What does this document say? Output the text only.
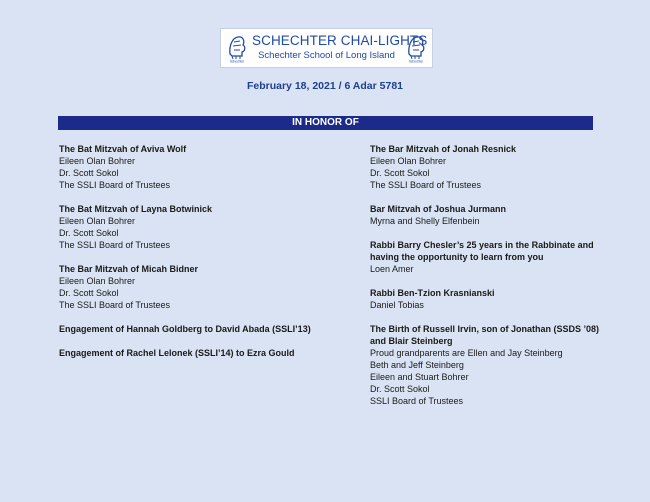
Schechter
SCHECHTER CHAI-LIGHTS
Schechter School of Long Island
Schechter
February 18, 2021 / 6 Adar 5781
IN HONOR OF
The Bat Mitzvah of Aviva Wolf
Eileen Olan Bohrer
Dr. Scott Sokol
The SSLI Board of Trustees
The Bat Mitzvah of Layna Botwinick
Eileen Olan Bohrer
Dr. Scott Sokol
The SSLI Board of Trustees
The Bar Mitzvah of Micah Bidner
Eileen Olan Bohrer
Dr. Scott Sokol
The SSLI Board of Trustees
Engagement of Hannah Goldberg to David Abada (SSLI’13)
Engagement of Rachel Lelonek (SSLI’14) to Ezra Gould
The Bar Mitzvah of Jonah Resnick
Eileen Olan Bohrer
Dr. Scott Sokol
The SSLI Board of Trustees
Bar Mitzvah of Joshua Jurmann
Myrna and Shelly Elfenbein
Rabbi Barry Chesler’s 25 years in the Rabbinate and having the opportunity to learn from you
Loen Amer
Rabbi Ben-Tzion Krasnianski
Daniel Tobias
The Birth of Russell Irvin, son of Jonathan (SSDS ’08) and Blair Steinberg
Proud grandparents are Ellen and Jay Steinberg
Beth and Jeff Steinberg
Eileen and Stuart Bohrer
Dr. Scott Sokol
SSLI Board of Trustees
